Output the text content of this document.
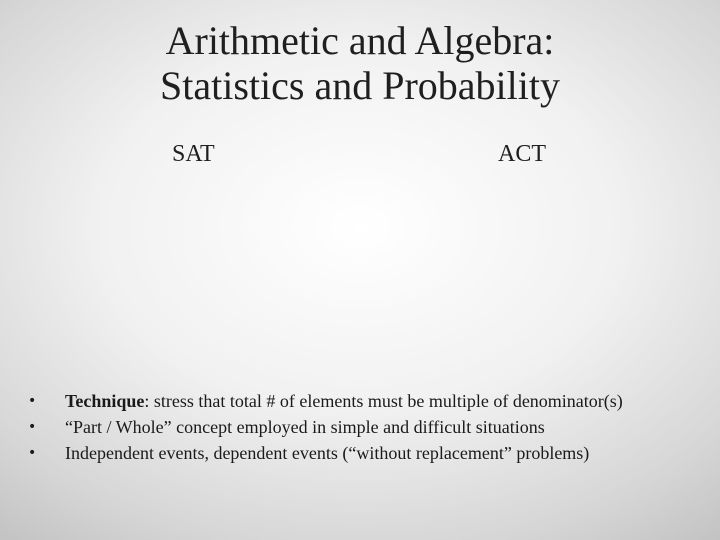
Arithmetic and Algebra:
Statistics and Probability
SAT	ACT
•	Technique: stress that total # of elements must be multiple of denominator(s)
•	“Part / Whole” concept employed in simple and difficult situations
•	Independent events, dependent events (“without replacement” problems)
